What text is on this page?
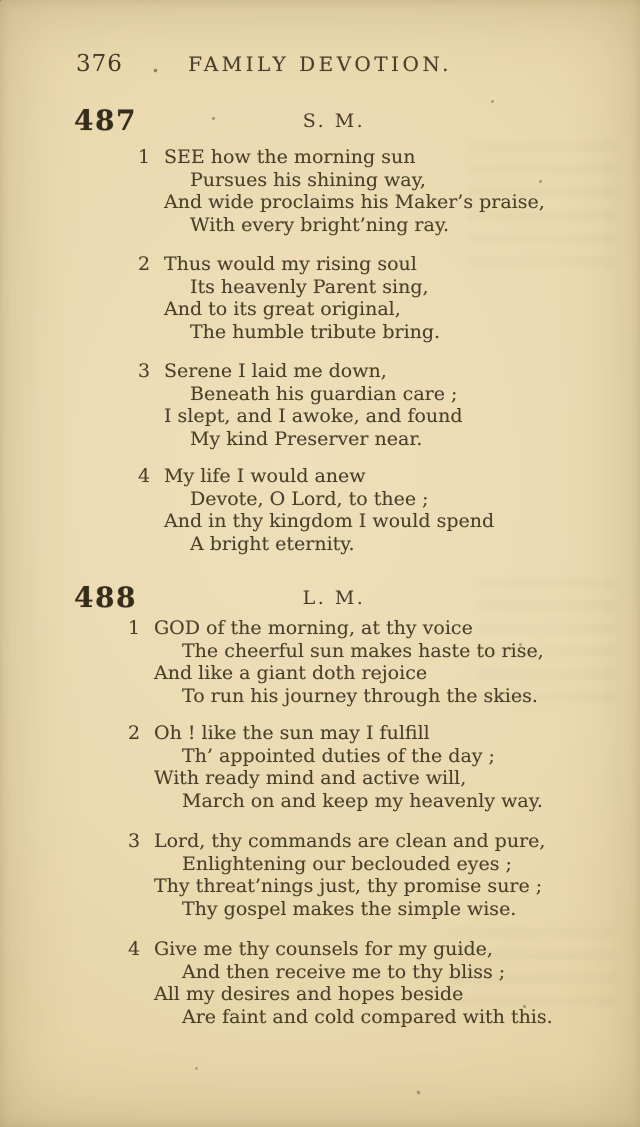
376	FAMILY DEVOTION.
487	S. M.
1 SEE how the morning sun
Pursues his shining way,
And wide proclaims his Maker’s praise,
With every bright’ning ray.
2 Thus would my rising soul
Its heavenly Parent sing,
And to its great original,
The humble tribute bring.
3 Serene I laid me down,
Beneath his guardian care ;
I slept, and I awoke, and found
My kind Preserver near.
4 My life I would anew
Devote, O Lord, to thee ;
And in thy kingdom I would spend
A bright eternity.
488	L. M.
1 GOD of the morning, at thy voice
The cheerful sun makes haste to rise,
And like a giant doth rejoice
To run his journey through the skies.
2 Oh ! like the sun may I fulfill
Th’ appointed duties of the day ;
With ready mind and active will,
March on and keep my heavenly way.
3 Lord, thy commands are clean and pure,
Enlightening our beclouded eyes ;
Thy threat’nings just, thy promise sure ;
Thy gospel makes the simple wise.
4 Give me thy counsels for my guide,
And then receive me to thy bliss ;
All my desires and hopes beside
Are faint and cold compared with this.
